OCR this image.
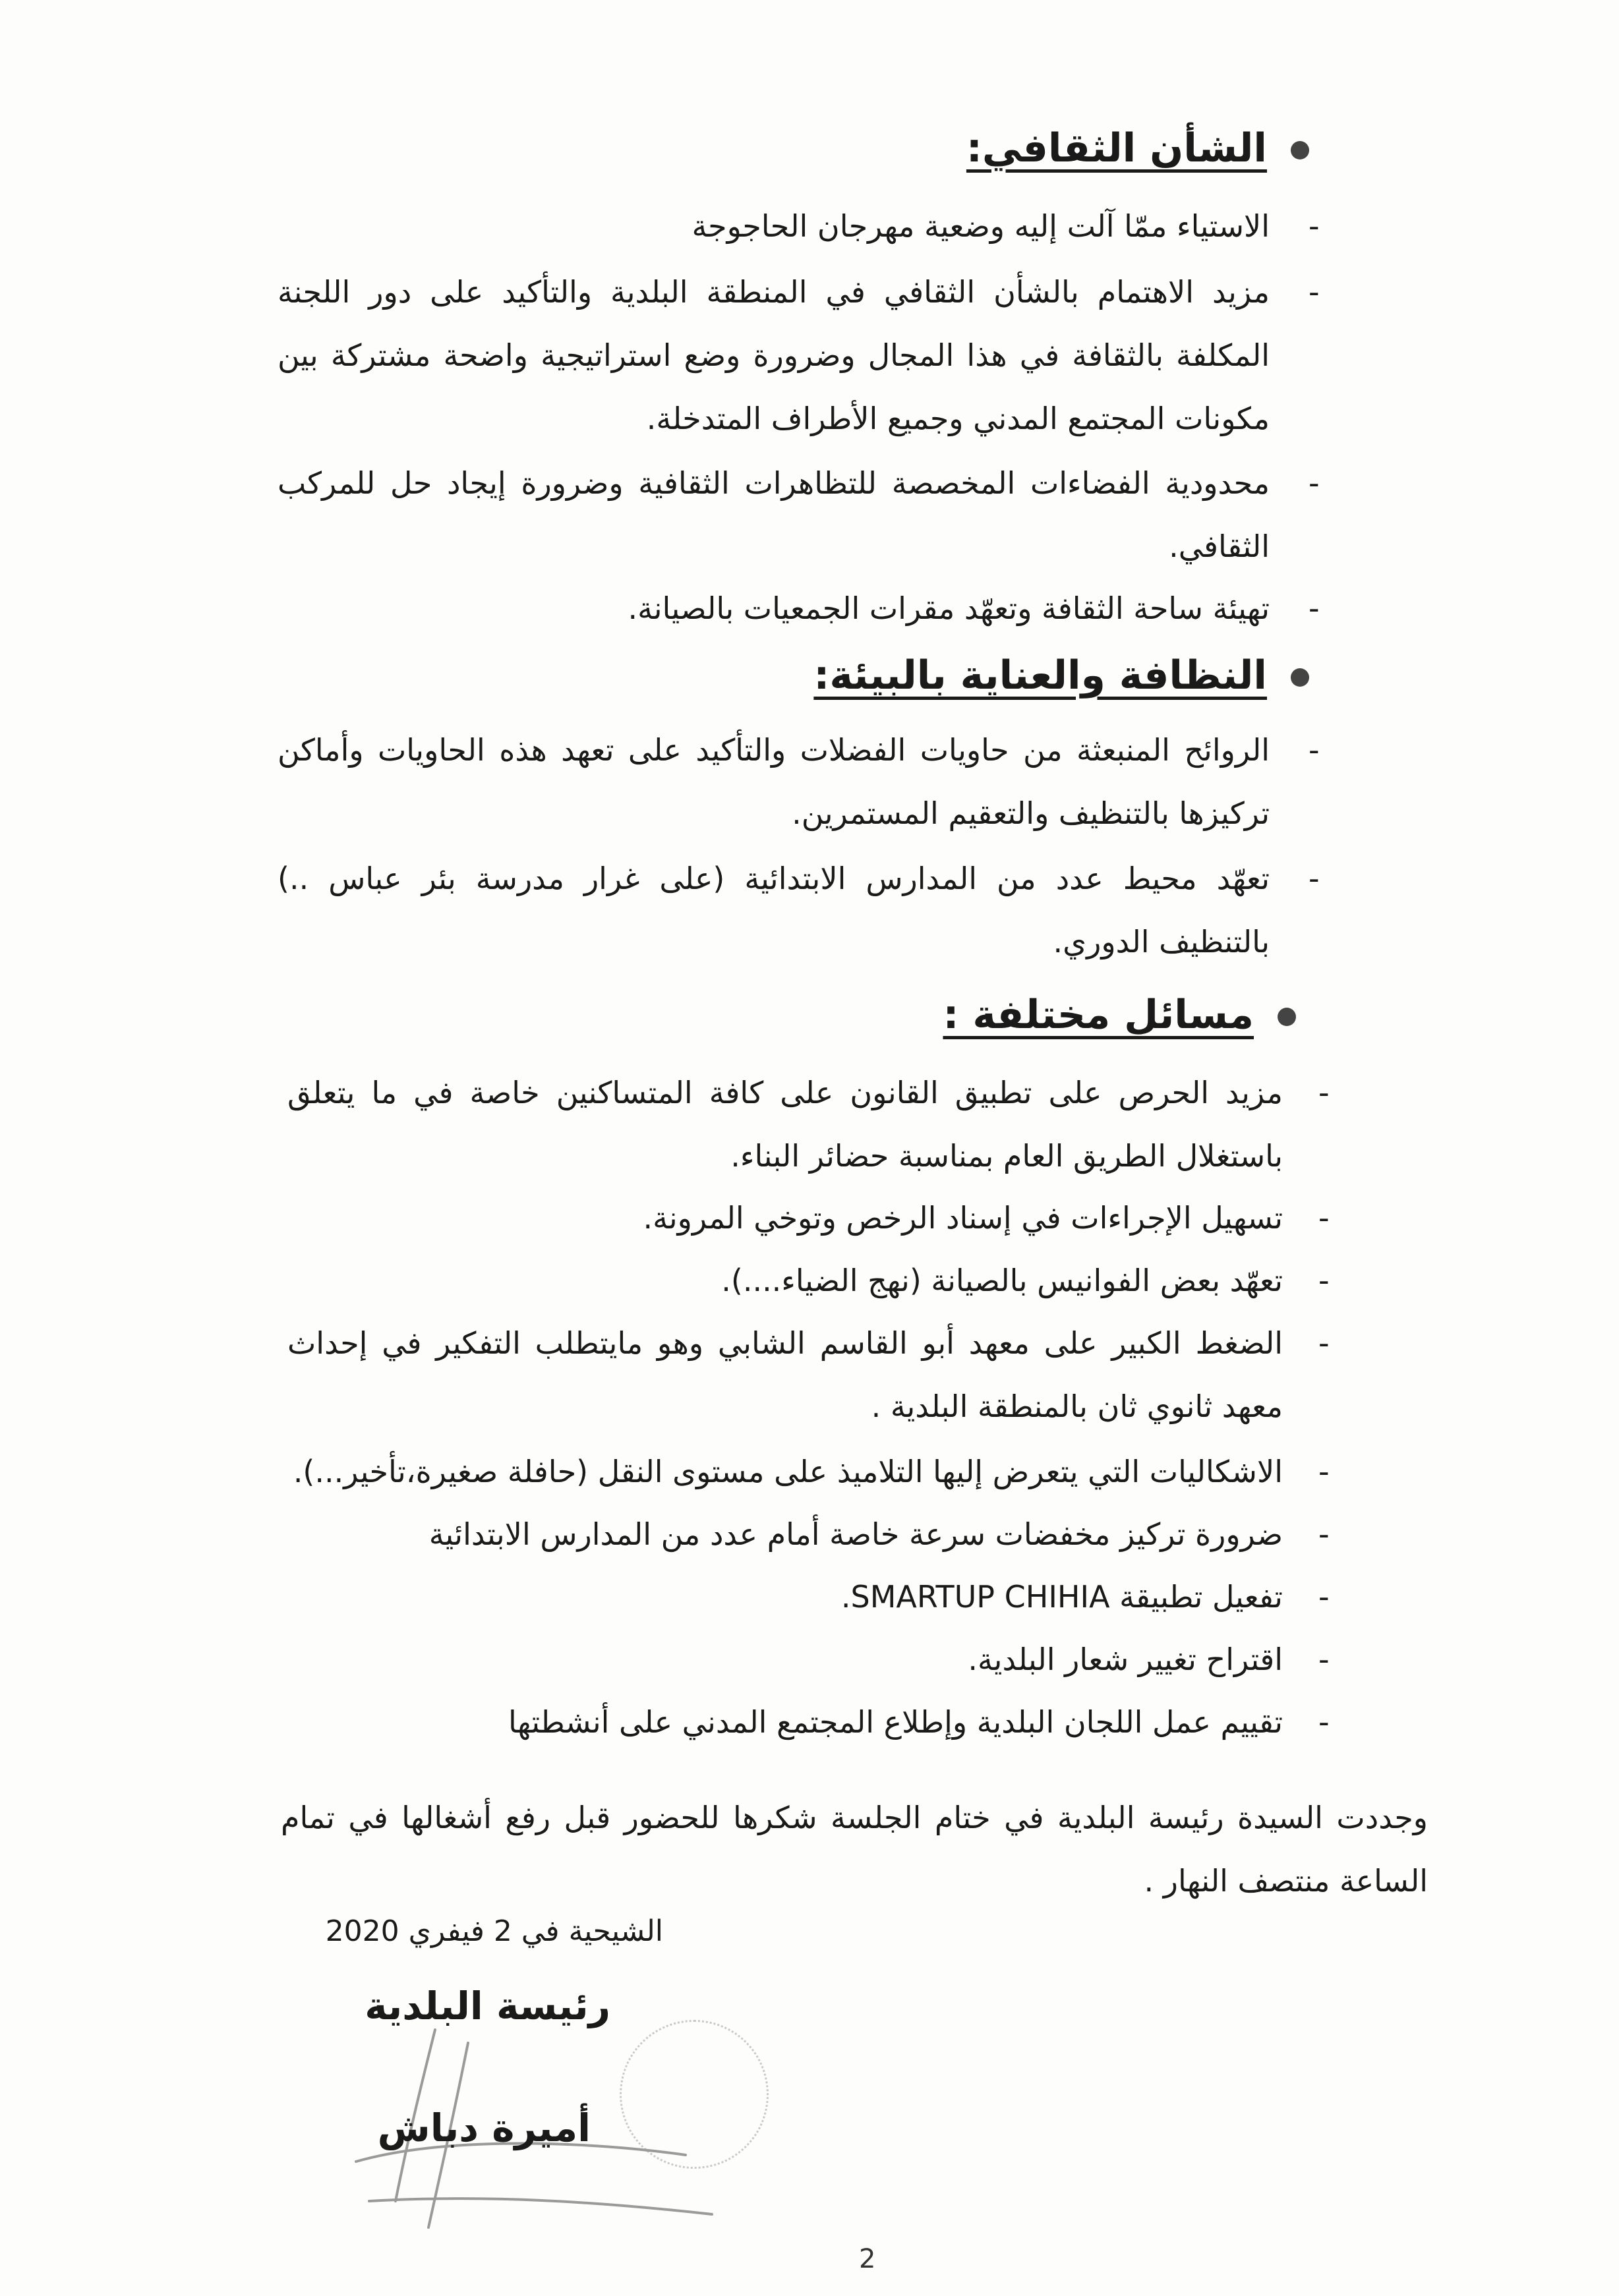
الشأن الثقافي:
-
الاستياء ممّا آلت إليه وضعية مهرجان الحاجوجة
-
مزيد الاهتمام بالشأن الثقافي في المنطقة البلدية والتأكيد على دور اللجنة المكلفة بالثقافة في هذا المجال وضرورة وضع استراتيجية واضحة مشتركة بين مكونات المجتمع المدني وجميع الأطراف المتدخلة.
-
محدودية الفضاءات المخصصة للتظاهرات الثقافية وضرورة إيجاد حل للمركب الثقافي.
-
تهيئة ساحة الثقافة وتعهّد مقرات الجمعيات بالصيانة.
النظافة والعناية بالبيئة:
-
الروائح المنبعثة من حاويات الفضلات والتأكيد على تعهد هذه الحاويات وأماكن تركيزها بالتنظيف والتعقيم المستمرين.
-
تعهّد محيط عدد من المدارس الابتدائية (على غرار مدرسة بئر عباس ..) بالتنظيف الدوري.
مسائل مختلفة :
-
مزيد الحرص على تطبيق القانون على كافة المتساكنين خاصة في ما يتعلق باستغلال الطريق العام بمناسبة حضائر البناء.
-
تسهيل الإجراءات في إسناد الرخص وتوخي المرونة.
-
تعهّد بعض الفوانيس بالصيانة (نهج الضياء....).
-
الضغط الكبير على معهد أبو القاسم الشابي وهو مايتطلب التفكير في إحداث معهد ثانوي ثان بالمنطقة البلدية .
-
الاشكاليات التي يتعرض إليها التلاميذ على مستوى النقل (حافلة صغيرة،تأخير...).
-
ضرورة تركيز مخفضات سرعة خاصة أمام عدد من المدارس الابتدائية
-
تفعيل تطبيقة SMARTUP CHIHIA.
-
اقتراح تغيير شعار البلدية.
-
تقييم عمل اللجان البلدية وإطلاع المجتمع المدني على أنشطتها
وجددت السيدة رئيسة البلدية في ختام الجلسة شكرها للحضور قبل رفع أشغالها في تمام الساعة منتصف النهار .
الشيحية في 2 فيفري 2020
رئيسة البلدية
أميرة دباش
2
